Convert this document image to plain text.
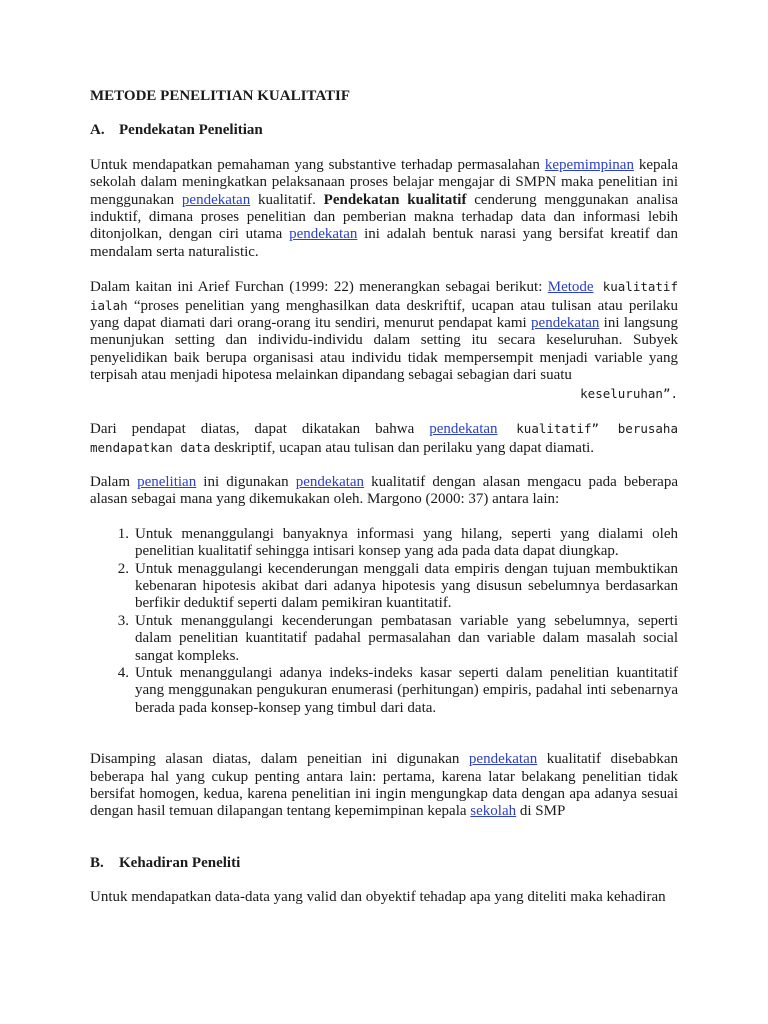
METODE PENELITIAN KUALITATIF

A. Pendekatan Penelitian

Untuk mendapatkan pemahaman yang substantive terhadap permasalahan kepemimpinan kepala sekolah dalam meningkatkan pelaksanaan proses belajar mengajar di SMPN maka penelitian ini menggunakan pendekatan kualitatif. Pendekatan kualitatif cenderung menggunakan analisa induktif, dimana proses penelitian dan pemberian makna terhadap data dan informasi lebih ditonjolkan, dengan ciri utama pendekatan ini adalah bentuk narasi yang bersifat kreatif dan mendalam serta naturalistic.

Dalam kaitan ini Arief Furchan (1999: 22) menerangkan sebagai berikut: Metode kualitatif ialah “proses penelitian yang menghasilkan data deskriftif, ucapan atau tulisan atau perilaku yang dapat diamati dari orang-orang itu sendiri, menurut pendapat kami pendekatan ini langsung menunjukan setting dan individu-individu dalam setting itu secara keseluruhan. Subyek penyelidikan baik berupa organisasi atau individu tidak mempersempit menjadi variable yang terpisah atau menjadi hipotesa melainkan dipandang sebagai sebagian dari suatu

keseluruhan”.

Dari pendapat diatas, dapat dikatakan bahwa pendekatan kualitatif” berusaha mendapatkan data deskriptif, ucapan atau tulisan dan perilaku yang dapat diamati.

Dalam penelitian ini digunakan pendekatan kualitatif dengan alasan mengacu pada beberapa alasan sebagai mana yang dikemukakan oleh. Margono (2000: 37) antara lain:

1. Untuk menanggulangi banyaknya informasi yang hilang, seperti yang dialami oleh penelitian kualitatif sehingga intisari konsep yang ada pada data dapat diungkap.
2. Untuk menaggulangi kecenderungan menggali data empiris dengan tujuan membuktikan kebenaran hipotesis akibat dari adanya hipotesis yang disusun sebelumnya berdasarkan berfikir deduktif seperti dalam pemikiran kuantitatif.
3. Untuk menanggulangi kecenderungan pembatasan variable yang sebelumnya, seperti dalam penelitian kuantitatif padahal permasalahan dan variable dalam masalah social sangat kompleks.
4. Untuk menanggulangi adanya indeks-indeks kasar seperti dalam penelitian kuantitatif yang menggunakan pengukuran enumerasi (perhitungan) empiris, padahal inti sebenarnya berada pada konsep-konsep yang timbul dari data.

Disamping alasan diatas, dalam peneitian ini digunakan pendekatan kualitatif disebabkan beberapa hal yang cukup penting antara lain: pertama, karena latar belakang penelitian tidak bersifat homogen, kedua, karena penelitian ini ingin mengungkap data dengan apa adanya sesuai dengan hasil temuan dilapangan tentang kepemimpinan kepala sekolah di SMP

B.	Kehadiran Peneliti

Untuk mendapatkan data-data yang valid dan obyektif tehadap apa yang diteliti maka kehadiran
